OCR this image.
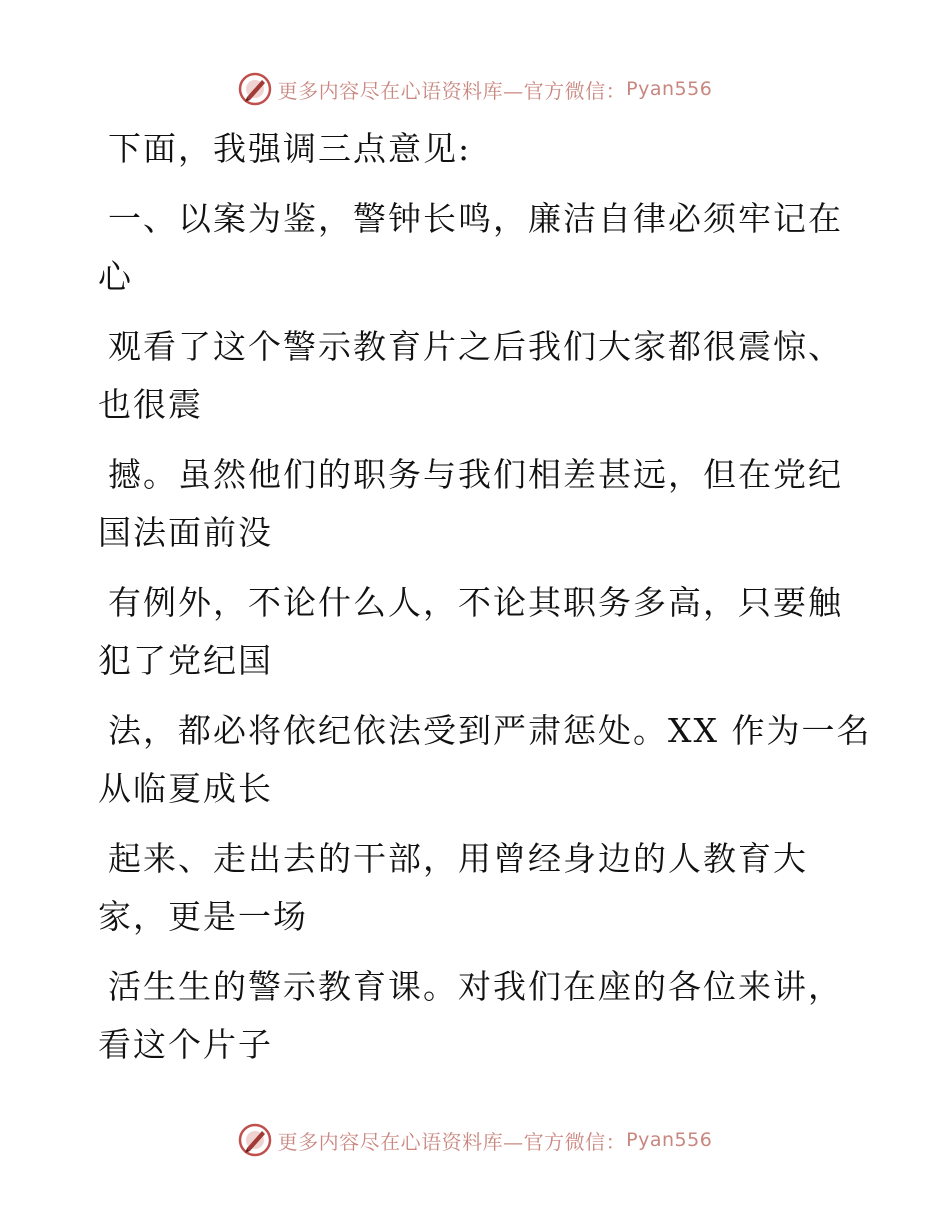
更多内容尽在心语资料库—官方微信： Pyan556
下面，我强调三点意见:
一、以案为鉴，警钟长鸣，廉洁自律必须牢记在
心
观看了这个警示教育片之后我们大家都很震惊、
也很震
撼。虽然他们的职务与我们相差甚远，但在党纪
国法面前没
有例外，不论什么人，不论其职务多高，只要触
犯了党纪国
法，都必将依纪依法受到严肃惩处。XX 作为一名
从临夏成长
起来、走出去的干部，用曾经身边的人教育大
家，更是一场
活生生的警示教育课。对我们在座的各位来讲，
看这个片子
更多内容尽在心语资料库—官方微信： Pyan556
